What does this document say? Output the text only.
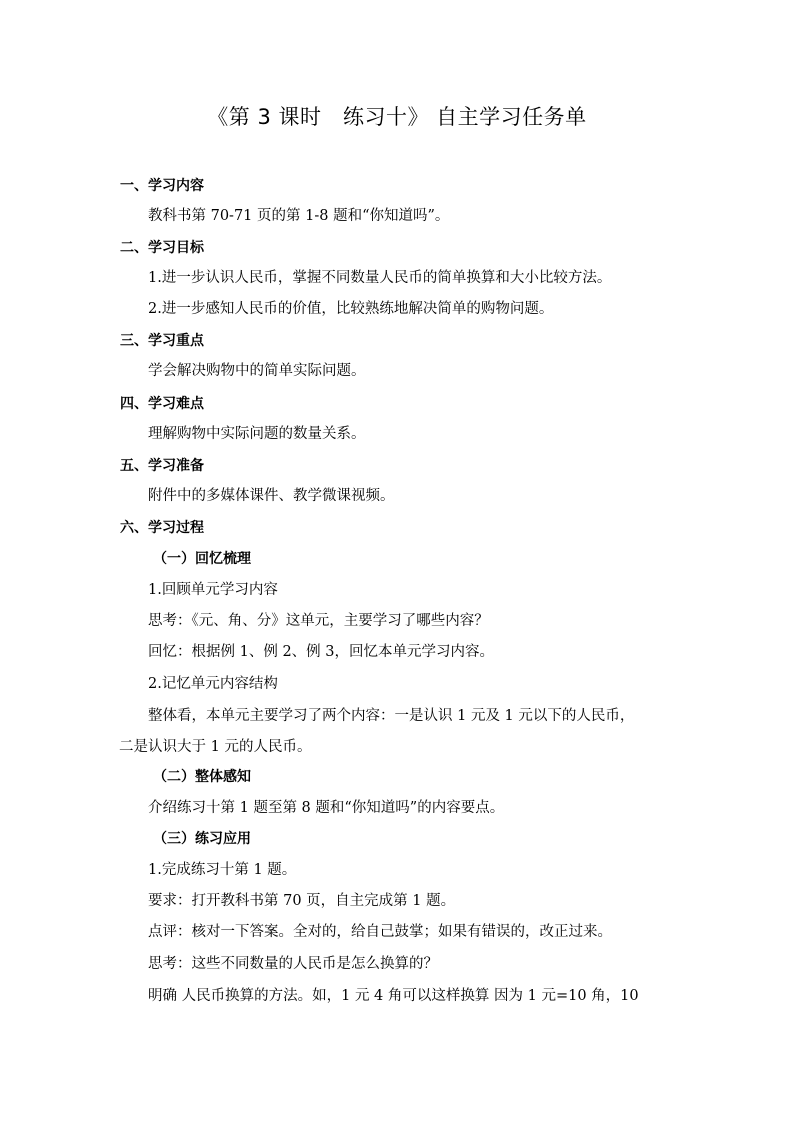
《第 3 课时　练习十》 自主学习任务单
一、学习内容
教科书第 70-71 页的第 1-8 题和“你知道吗”。
二、学习目标
1.进一步认识人民币，掌握不同数量人民币的简单换算和大小比较方法。
2.进一步感知人民币的价值，比较熟练地解决简单的购物问题。
三、学习重点
学会解决购物中的简单实际问题。
四、学习难点
理解购物中实际问题的数量关系。
五、学习准备
附件中的多媒体课件、教学微课视频。
六、学习过程
（一）回忆梳理
1.回顾单元学习内容
思考：《元、角、分》这单元，主要学习了哪些内容？
回忆：根据例 1、例 2、例 3，回忆本单元学习内容。
2.记忆单元内容结构
整体看，本单元主要学习了两个内容：一是认识 1 元及 1 元以下的人民币，
二是认识大于 1 元的人民币。
（二）整体感知
介绍练习十第 1 题至第 8 题和“你知道吗”的内容要点。
（三）练习应用
1.完成练习十第 1 题。
要求：打开教科书第 70 页，自主完成第 1 题。
点评：核对一下答案。全对的，给自己鼓掌；如果有错误的，改正过来。
思考：这些不同数量的人民币是怎么换算的？
明确 人民币换算的方法。如，1 元 4 角可以这样换算 因为 1 元=10 角，10
